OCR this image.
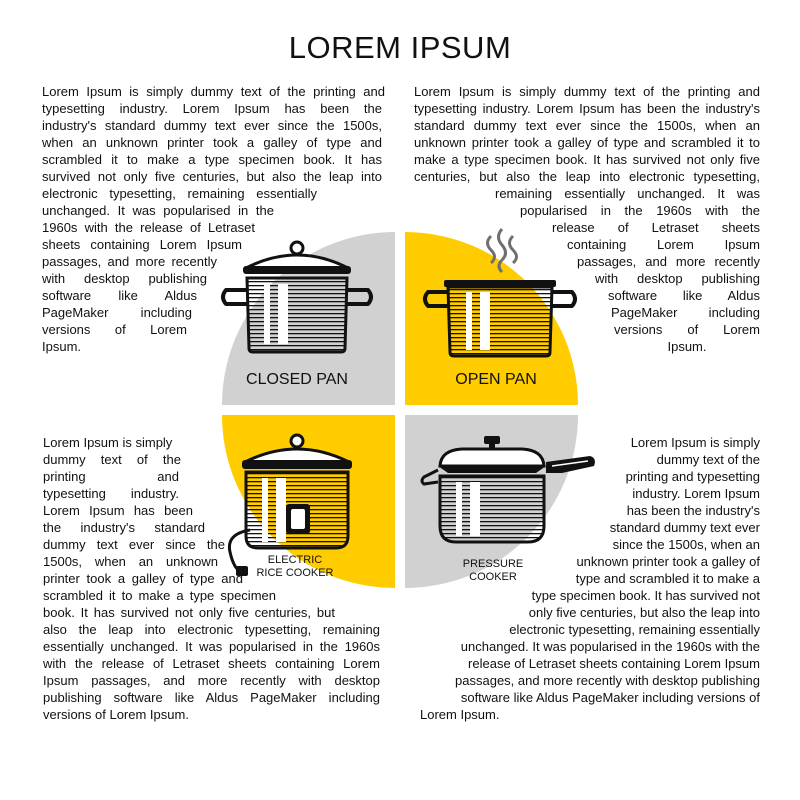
LOREM IPSUM
CLOSED PAN	OPEN PAN
ELECTRIC
RICE COOKER
PRESSURE
COOKER
Lorem Ipsum is simply dummy text of the printing and
typesetting industry. Lorem Ipsum has been the
industry's standard dummy text ever since the 1500s,
when an unknown printer took a galley of type and
scrambled it to make a type specimen book. It has
survived not only five centuries, but also the leap into
electronic typesetting, remaining essentially
unchanged. It was popularised in the
1960s with the release of Letraset
sheets containing Lorem Ipsum
passages, and more recently
with desktop publishing
software like Aldus
PageMaker including
versions of Lorem
Ipsum.
Lorem Ipsum is simply dummy text of the printing and
typesetting industry. Lorem Ipsum has been the industry's
standard dummy text ever since the 1500s, when an
unknown printer took a galley of type and scrambled it to
make a type specimen book. It has survived not only five
centuries, but also the leap into electronic typesetting,
remaining essentially unchanged. It was
popularised in the 1960s with the
release of Letraset sheets
containing Lorem Ipsum
passages, and more recently
with desktop publishing
software like Aldus
PageMaker including
versions of Lorem
Ipsum.
Lorem Ipsum is simply
dummy text of the
printing and
typesetting industry.
Lorem Ipsum has been
the industry's standard
dummy text ever since the
1500s, when an unknown
printer took a galley of type and
scrambled it to make a type specimen
book. It has survived not only five centuries, but
also the leap into electronic typesetting, remaining
essentially unchanged. It was popularised in the 1960s
with the release of Letraset sheets containing Lorem
Ipsum passages, and more recently with desktop
publishing software like Aldus PageMaker including
versions of Lorem Ipsum.
Lorem Ipsum is simply
dummy text of the
printing and typesetting
industry. Lorem Ipsum
has been the industry's
standard dummy text ever
since the 1500s, when an
unknown printer took a galley of
type and scrambled it to make a
type specimen book. It has survived not
only five centuries, but also the leap into
electronic typesetting, remaining essentially
unchanged. It was popularised in the 1960s with the
release of Letraset sheets containing Lorem Ipsum
passages, and more recently with desktop publishing
software like Aldus PageMaker including versions of
Lorem Ipsum.
